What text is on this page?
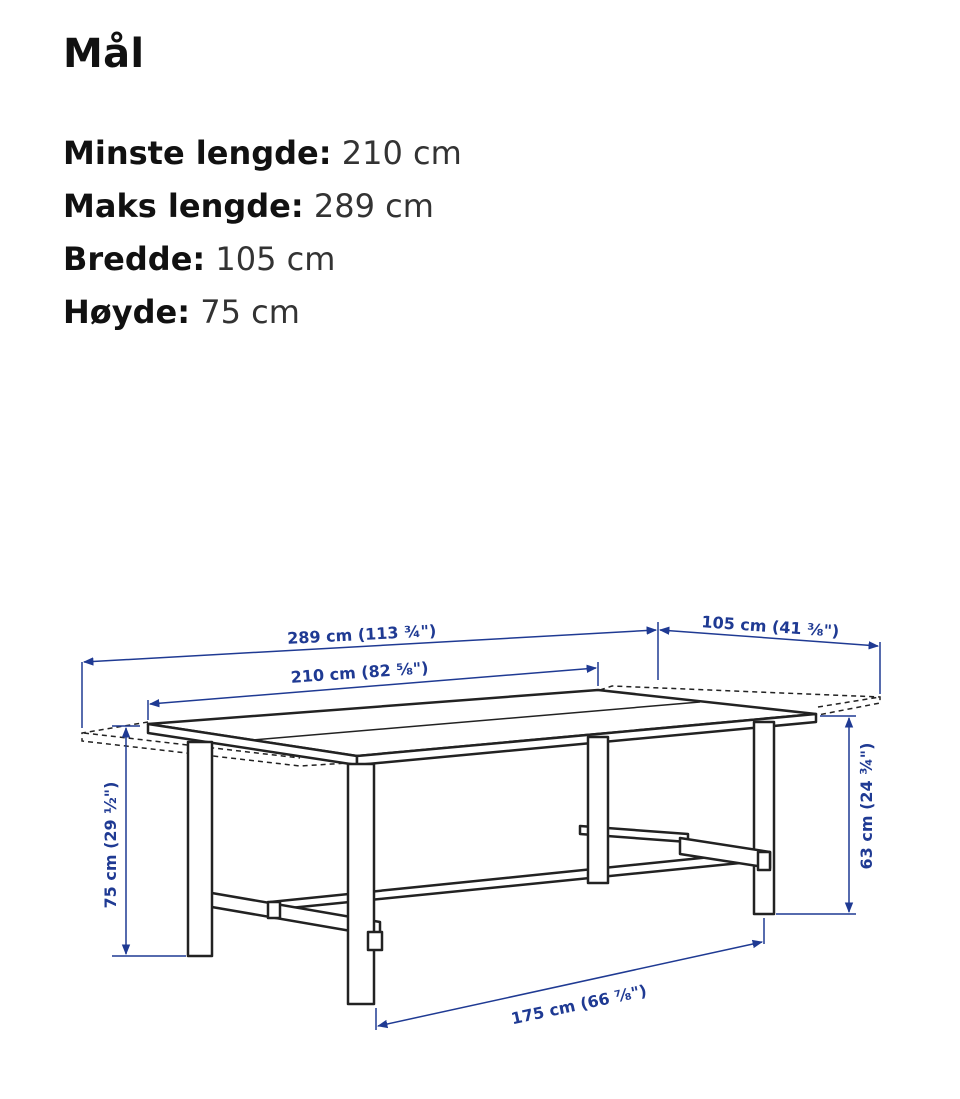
Mål
Minste lengde: 210 cm
Maks lengde: 289 cm
Bredde: 105 cm
Høyde: 75 cm
289 cm (113 ¾")
210 cm (82 ⅝")
105 cm (41 ⅜")
75 cm (29 ½")	63 cm (24 ¾")
175 cm (66 ⅞")
